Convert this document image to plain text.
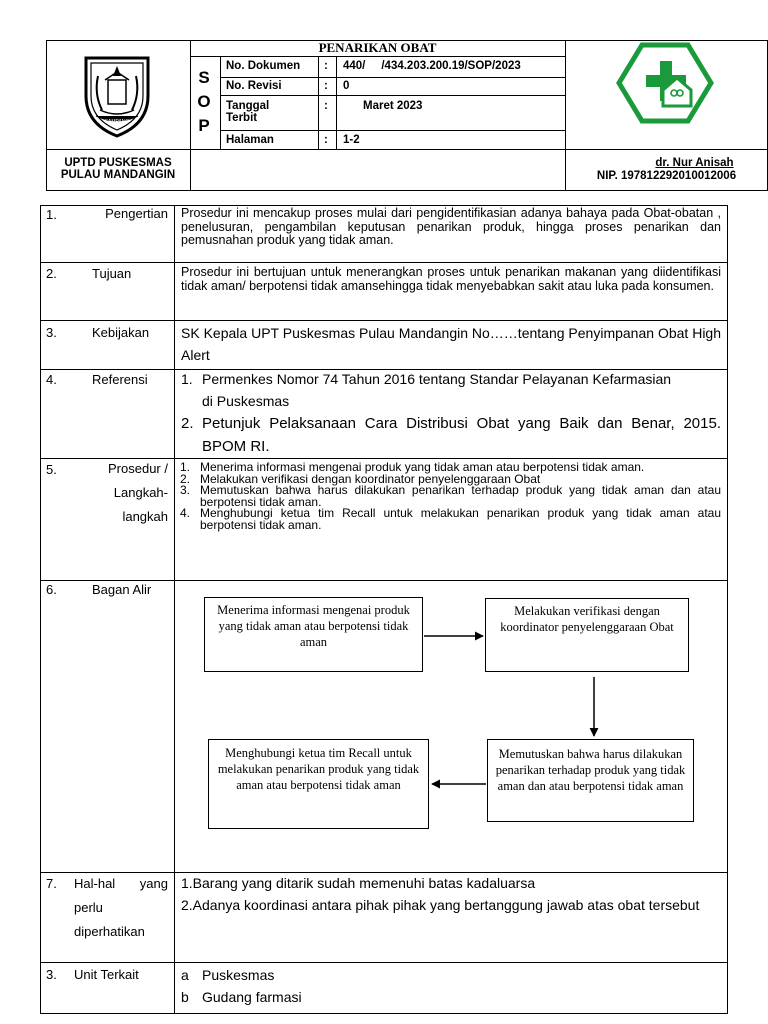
SAMPANG
PENARIKAN OBAT
S
O
P
No. Dokumen : 440/     /434.203.200.19/SOP/2023
No. Revisi	: 0
Tanggal Terbit
:	Maret 2023
Halaman	: 1-2
UPTD PUSKESMAS
PULAU MANDANGIN
dr. Nur Anisah
NIP. 197812292010012006
1.	Pengertian Prosedur ini mencakup proses mulai dari pengidentifikasian adanya bahaya pada Obat-obatan , penelusuran, pengambilan keputusan penarikan produk, hingga proses penarikan dan pemusnahan produk yang tidak aman.
2.	Tujuan	Prosedur ini bertujuan untuk menerangkan proses untuk penarikan makanan yang diidentifikasi tidak aman/ berpotensi tidak amansehingga tidak menyebabkan sakit atau luka pada konsumen.
3.	Kebijakan SK Kepala UPT Puskesmas Pulau Mandangin No……tentang Penyimpanan Obat High Alert
4.	Referensi 1. Permenkes Nomor 74 Tahun 2016 tentang Standar Pelayanan Kefarmasian di Puskesmas
2. Petunjuk Pelaksanaan Cara Distribusi Obat yang Baik dan Benar, 2015. BPOM RI.
5.	Prosedur / Langkah-langkah
1. Menerima informasi mengenai produk yang tidak aman atau berpotensi tidak aman.
2. Melakukan verifikasi dengan koordinator penyelenggaraan Obat
3. Memutuskan bahwa harus dilakukan penarikan terhadap produk yang tidak aman dan atau berpotensi tidak aman.
4. Menghubungi ketua tim Recall untuk melakukan penarikan produk yang tidak aman atau berpotensi tidak aman.
6.	Bagan Alir
Menerima informasi mengenai produk yang tidak aman atau berpotensi tidak aman
Melakukan verifikasi dengan koordinator penyelenggaraan Obat
Memutuskan bahwa harus dilakukan penarikan terhadap produk yang tidak aman dan atau berpotensi tidak aman
Menghubungi ketua tim Recall untuk melakukan penarikan produk yang tidak aman atau berpotensi tidak aman
7. Hal-hal yang perlu diperhatikan
1.Barang yang ditarik sudah memenuhi batas kadaluarsa
2.Adanya koordinasi antara pihak pihak yang bertanggung jawab atas obat tersebut
3. Unit Terkait	a Puskesmas
b Gudang farmasi
